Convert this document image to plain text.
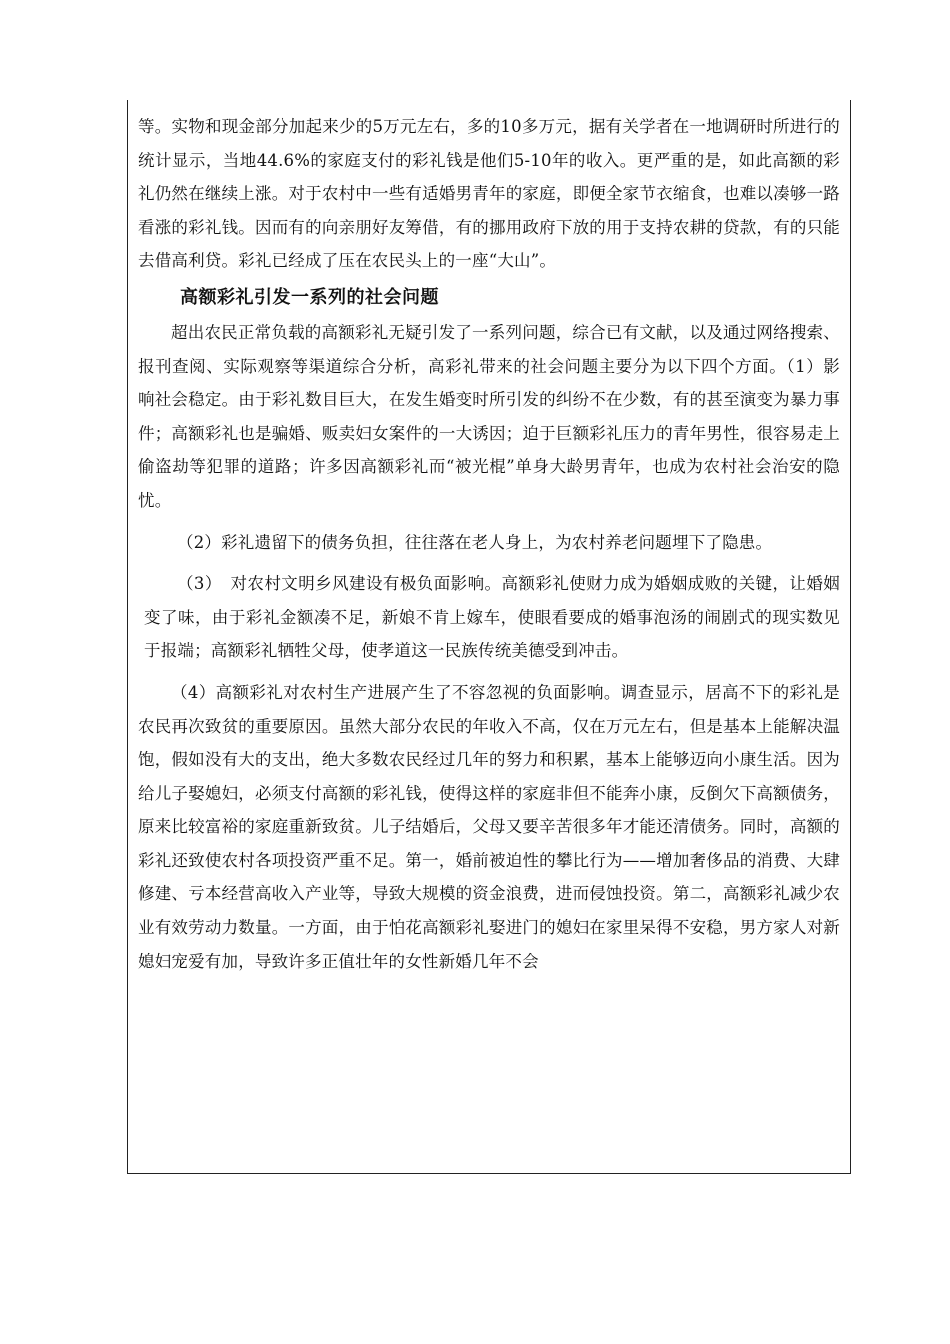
等。实物和现金部分加起来少的5万元左右，多的10多万元，据有关学者在一地调研时所进行的统计显示，当地44.6%的家庭支付的彩礼钱是他们5-10年的收入。更严重的是，如此高额的彩礼仍然在继续上涨。对于农村中一些有适婚男青年的家庭，即便全家节衣缩食，也难以凑够一路看涨的彩礼钱。因而有的向亲朋好友筹借，有的挪用政府下放的用于支持农耕的贷款，有的只能去借高利贷。彩礼已经成了压在农民头上的一座“大山”。

高额彩礼引发一系列的社会问题

超出农民正常负载的高额彩礼无疑引发了一系列问题，综合已有文献，以及通过网络搜索、报刊查阅、实际观察等渠道综合分析，高彩礼带来的社会问题主要分为以下四个方面。（1）影响社会稳定。由于彩礼数目巨大，在发生婚变时所引发的纠纷不在少数，有的甚至演变为暴力事件；高额彩礼也是骗婚、贩卖妇女案件的一大诱因；迫于巨额彩礼压力的青年男性，很容易走上偷盗劫等犯罪的道路；许多因高额彩礼而“被光棍”单身大龄男青年，也成为农村社会治安的隐忧。

（2）彩礼遗留下的债务负担，往往落在老人身上，为农村养老问题埋下了隐患。

（3）　对农村文明乡风建设有极负面影响。高额彩礼使财力成为婚姻成败的关键，让婚姻变了味，由于彩礼金额凑不足，新娘不肯上嫁车，使眼看要成的婚事泡汤的闹剧式的现实数见于报端；高额彩礼牺牲父母，使孝道这一民族传统美德受到冲击。

（4）高额彩礼对农村生产进展产生了不容忽视的负面影响。调查显示，居高不下的彩礼是农民再次致贫的重要原因。虽然大部分农民的年收入不高，仅在万元左右，但是基本上能解决温饱，假如没有大的支出，绝大多数农民经过几年的努力和积累，基本上能够迈向小康生活。因为给儿子娶媳妇，必须支付高额的彩礼钱，使得这样的家庭非但不能奔小康，反倒欠下高额债务，原来比较富裕的家庭重新致贫。儿子结婚后，父母又要辛苦很多年才能还清债务。同时，高额的彩礼还致使农村各项投资严重不足。第一，婚前被迫性的攀比行为——增加奢侈品的消费、大肆修建、亏本经营高收入产业等，导致大规模的资金浪费，进而侵蚀投资。第二，高额彩礼减少农业有效劳动力数量。一方面，由于怕花高额彩礼娶进门的媳妇在家里呆得不安稳，男方家人对新媳妇宠爱有加，导致许多正值壮年的女性新婚几年不会
